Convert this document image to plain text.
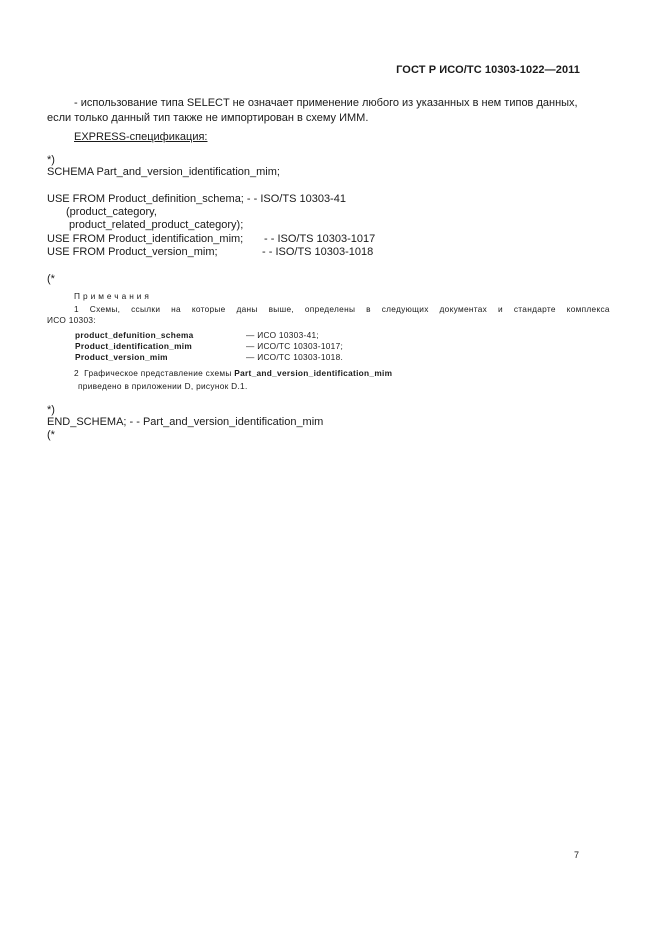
ГОСТ Р ИСО/ТС 10303-1022—2011
- использование типа SELECT не означает применение любого из указанных в нем типов данных,
если только данный тип также не импортирован в схему ИММ.
EXPRESS-спецификация:
*)
SCHEMA Part_and_version_identification_mim;
USE FROM Product_definition_schema; - - ISO/TS 10303-41
(product_category,
product_related_product_category);
USE FROM Product_identification_mim; - - ISO/TS 10303-1017
USE FROM Product_version_mim;	- - ISO/TS 10303-1018
(*
Примечания
1 Схемы, ссылки на которые даны выше, определены в следующих документах и стандарте комплекса
ИСО 10303:
product_defunition_schema	— ИСО 10303-41;
Product_identification_mim	— ИСО/ТС 10303-1017;
Product_version_mim	— ИСО/ТС 10303-1018.
2  Графическое представление схемы Part_and_version_identification_mim
приведено в приложении D, рисунок D.1.
*)
END_SCHEMA; - - Part_and_version_identification_mim
(*
7
